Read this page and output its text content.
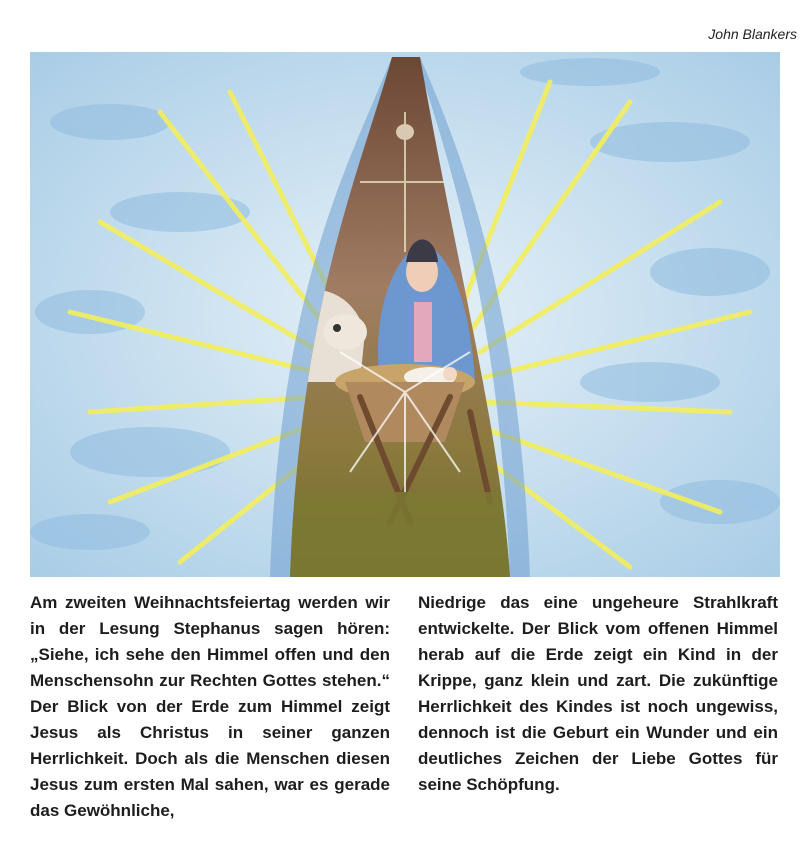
John Blankers

Am zweiten Weihnachtsfeiertag werden wir in der Lesung Stephanus sagen hören: „Siehe, ich sehe den Himmel offen und den Menschensohn zur Rechten Gottes stehen.“ Der Blick von der Erde zum Himmel zeigt Jesus als Christus in seiner ganzen Herrlichkeit. Doch als die Menschen diesen Jesus zum ersten Mal sahen, war es gerade das Gewöhnliche,

Niedrige das eine ungeheure Strahlkraft entwickelte. Der Blick vom offenen Himmel herab auf die Erde zeigt ein Kind in der Krippe, ganz klein und zart. Die zukünftige Herrlichkeit des Kindes ist noch ungewiss, dennoch ist die Geburt ein Wunder und ein deutliches Zeichen der Liebe Gottes für seine Schöpfung.
